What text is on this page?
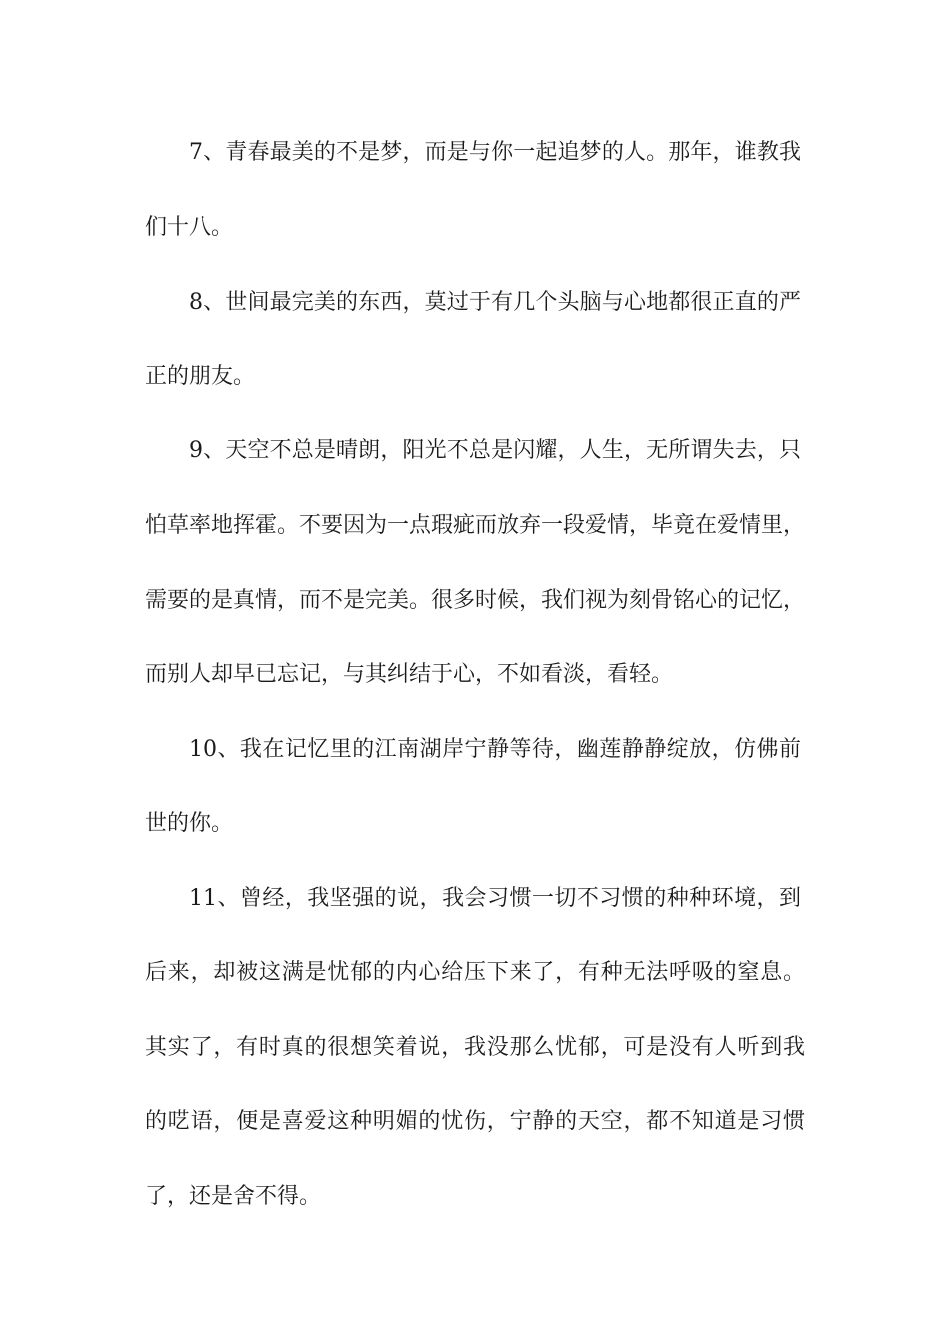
7、青春最美的不是梦，而是与你一起追梦的人。那年，谁教我
们十八。
8、世间最完美的东西，莫过于有几个头脑与心地都很正直的严
正的朋友。
9、天空不总是晴朗，阳光不总是闪耀，人生，无所谓失去，只
怕草率地挥霍。不要因为一点瑕疵而放弃一段爱情，毕竟在爱情里，
需要的是真情，而不是完美。很多时候，我们视为刻骨铭心的记忆，
而别人却早已忘记，与其纠结于心，不如看淡，看轻。
10、我在记忆里的江南湖岸宁静等待，幽莲静静绽放，仿佛前
世的你。
11、曾经，我坚强的说，我会习惯一切不习惯的种种环境，到
后来，却被这满是忧郁的内心给压下来了，有种无法呼吸的窒息。
其实了，有时真的很想笑着说，我没那么忧郁，可是没有人听到我
的呓语，便是喜爱这种明媚的忧伤，宁静的天空，都不知道是习惯
了，还是舍不得。
